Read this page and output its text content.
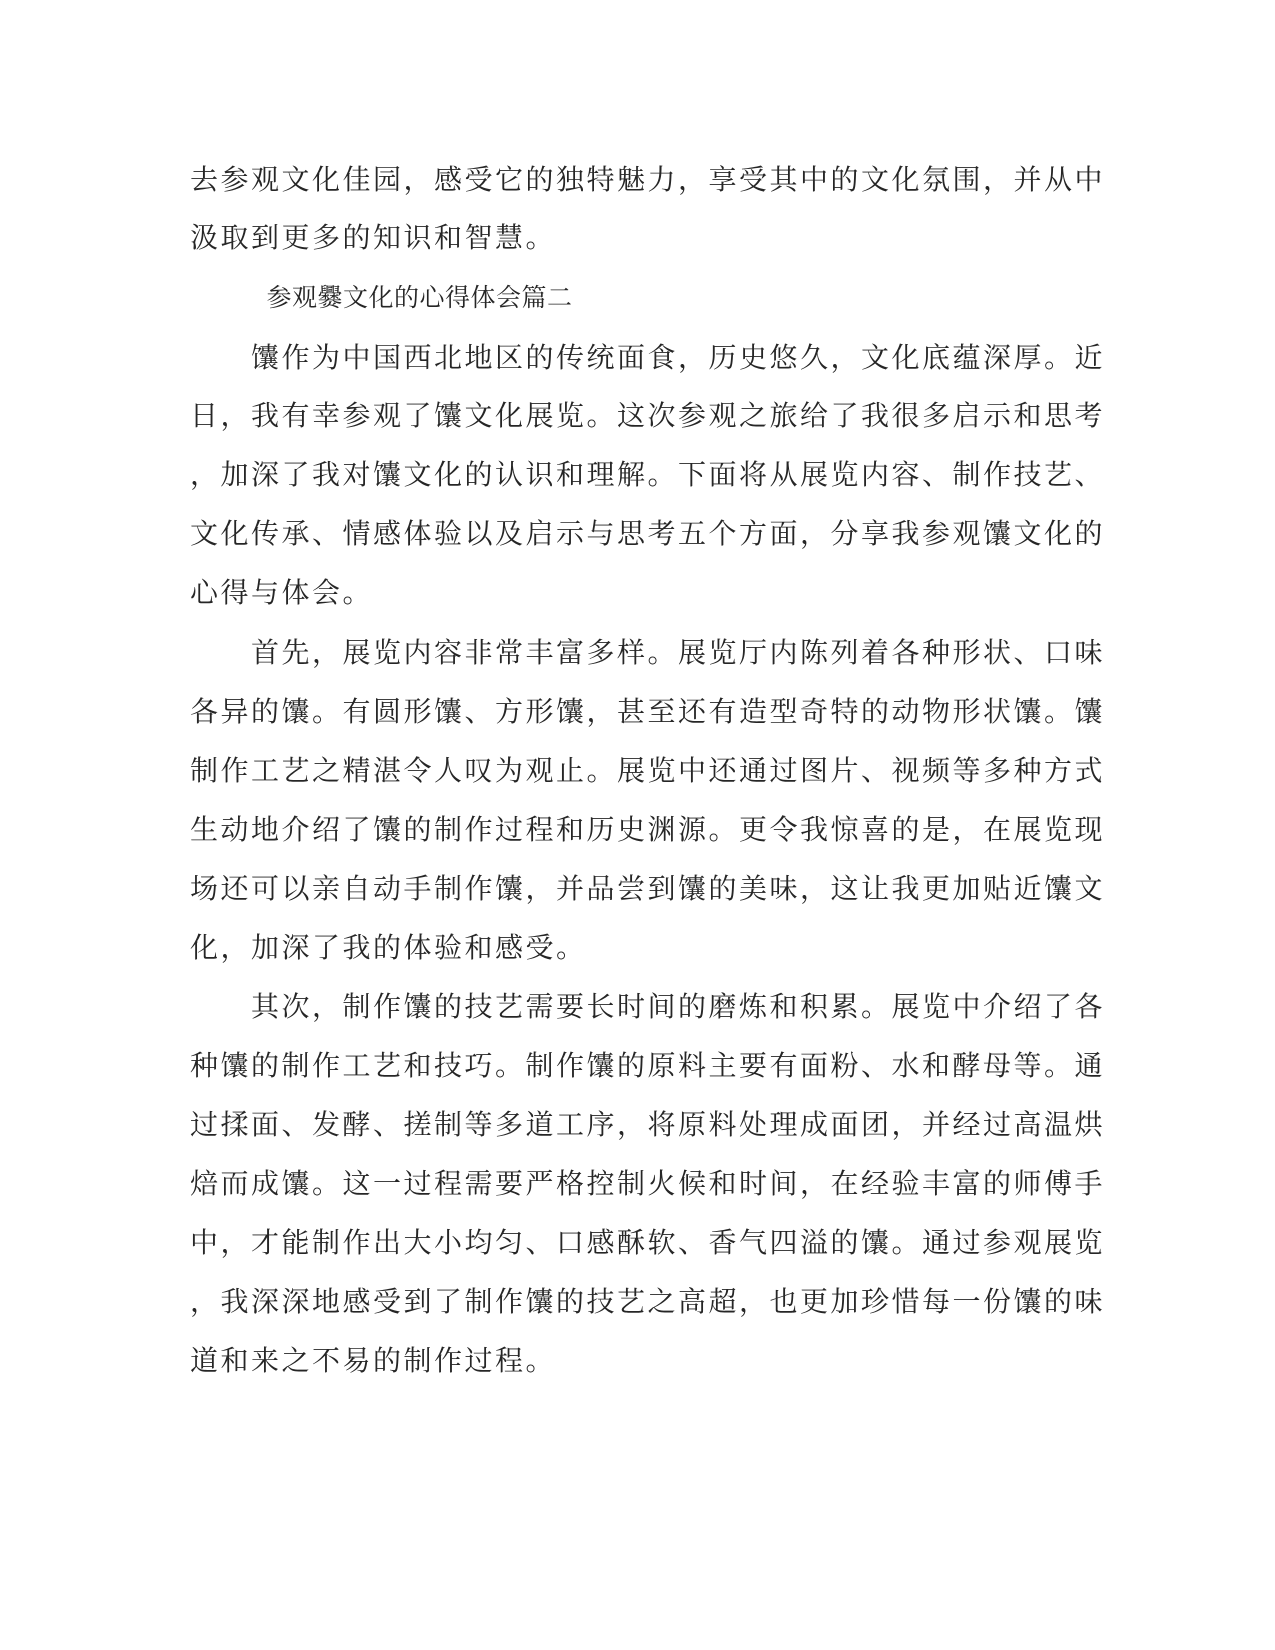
去参观文化佳园，感受它的独特魅力，享受其中的文化氛围，并从中
汲取到更多的知识和智慧。
　　　参观爨文化的心得体会篇二
　　馕作为中国西北地区的传统面食，历史悠久，文化底蕴深厚。近
日，我有幸参观了馕文化展览。这次参观之旅给了我很多启示和思考
，加深了我对馕文化的认识和理解。下面将从展览内容、制作技艺、
文化传承、情感体验以及启示与思考五个方面，分享我参观馕文化的
心得与体会。
　　首先，展览内容非常丰富多样。展览厅内陈列着各种形状、口味
各异的馕。有圆形馕、方形馕，甚至还有造型奇特的动物形状馕。馕
制作工艺之精湛令人叹为观止。展览中还通过图片、视频等多种方式
生动地介绍了馕的制作过程和历史渊源。更令我惊喜的是，在展览现
场还可以亲自动手制作馕，并品尝到馕的美味，这让我更加贴近馕文
化，加深了我的体验和感受。
　　其次，制作馕的技艺需要长时间的磨炼和积累。展览中介绍了各
种馕的制作工艺和技巧。制作馕的原料主要有面粉、水和酵母等。通
过揉面、发酵、搓制等多道工序，将原料处理成面团，并经过高温烘
焙而成馕。这一过程需要严格控制火候和时间，在经验丰富的师傅手
中，才能制作出大小均匀、口感酥软、香气四溢的馕。通过参观展览
，我深深地感受到了制作馕的技艺之高超，也更加珍惜每一份馕的味
道和来之不易的制作过程。
